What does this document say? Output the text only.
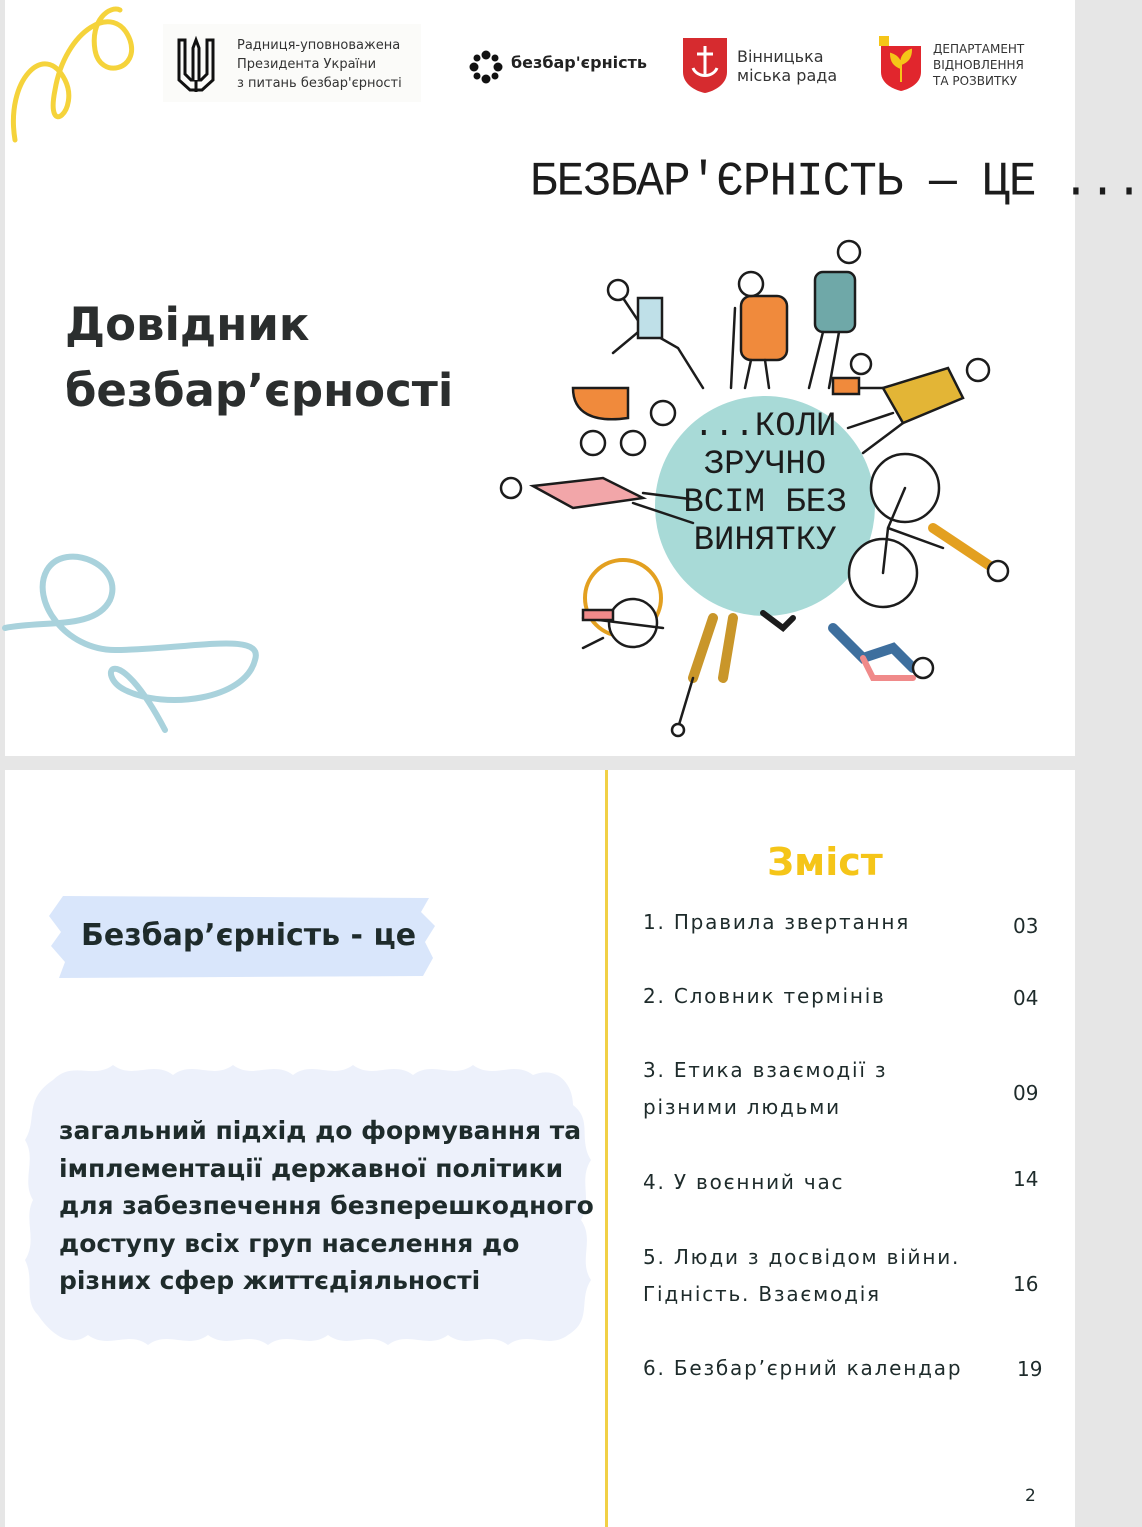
Радниця-уповноважена
Президента України
з питань безбар'єрності
безбар'єрність	Вінницька
міська рада
ДЕПАРТАМЕНТ
ВІДНОВЛЕННЯ
ТА РОЗВИТКУ
БЕЗБАР'ЄРНІСТЬ — ЦЕ ...
Довідник
безбар’єрності
...КОЛИ
ЗРУЧНО
ВСІМ БЕЗ
ВИНЯТКУ
Безбар’єрність - це
загальний підхід до формування та
імплементації державної політики
для забезпечення безперешкодного
доступу всіх груп населення до
різних сфер життєдіяльності
Зміст
1. Правила звертання	03
2. Словник термінів	04
3. Етика взаємодії з
різними людьми
09
4. У воєнний час	14
5. Люди з досвідом війни.
Гідність. Взаємодія	16
6. Безбар’єрний календар	19
2
